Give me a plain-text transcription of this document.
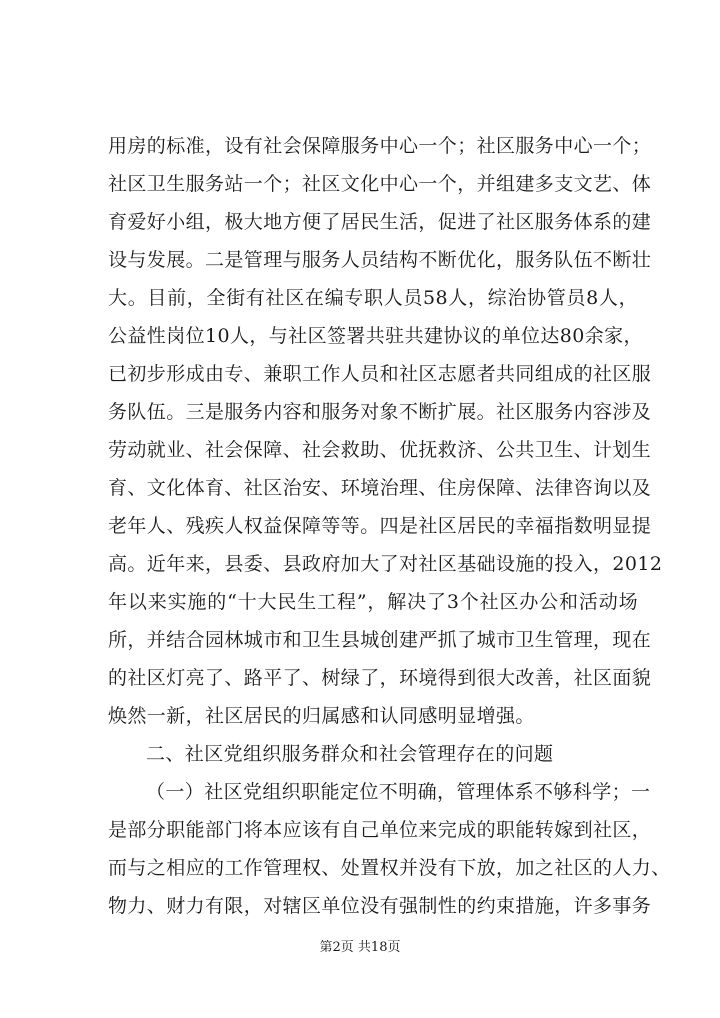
用房的标准，设有社会保障服务中心一个；社区服务中心一个；
社区卫生服务站一个；社区文化中心一个，并组建多支文艺、体
育爱好小组，极大地方便了居民生活，促进了社区服务体系的建
设与发展。二是管理与服务人员结构不断优化，服务队伍不断壮
大。目前，全街有社区在编专职人员58人，综治协管员8人，
公益性岗位10人，与社区签署共驻共建协议的单位达80余家，
已初步形成由专、兼职工作人员和社区志愿者共同组成的社区服
务队伍。三是服务内容和服务对象不断扩展。社区服务内容涉及
劳动就业、社会保障、社会救助、优抚救济、公共卫生、计划生
育、文化体育、社区治安、环境治理、住房保障、法律咨询以及
老年人、残疾人权益保障等等。四是社区居民的幸福指数明显提
高。近年来，县委、县政府加大了对社区基础设施的投入，2012
年以来实施的“十大民生工程”，解决了3个社区办公和活动场
所，并结合园林城市和卫生县城创建严抓了城市卫生管理，现在
的社区灯亮了、路平了、树绿了，环境得到很大改善，社区面貌
焕然一新，社区居民的归属感和认同感明显增强。
二、社区党组织服务群众和社会管理存在的问题
（一）社区党组织职能定位不明确，管理体系不够科学；一
是部分职能部门将本应该有自己单位来完成的职能转嫁到社区，
而与之相应的工作管理权、处置权并没有下放，加之社区的人力、
物力、财力有限，对辖区单位没有强制性的约束措施，许多事务
第2页 共18页
